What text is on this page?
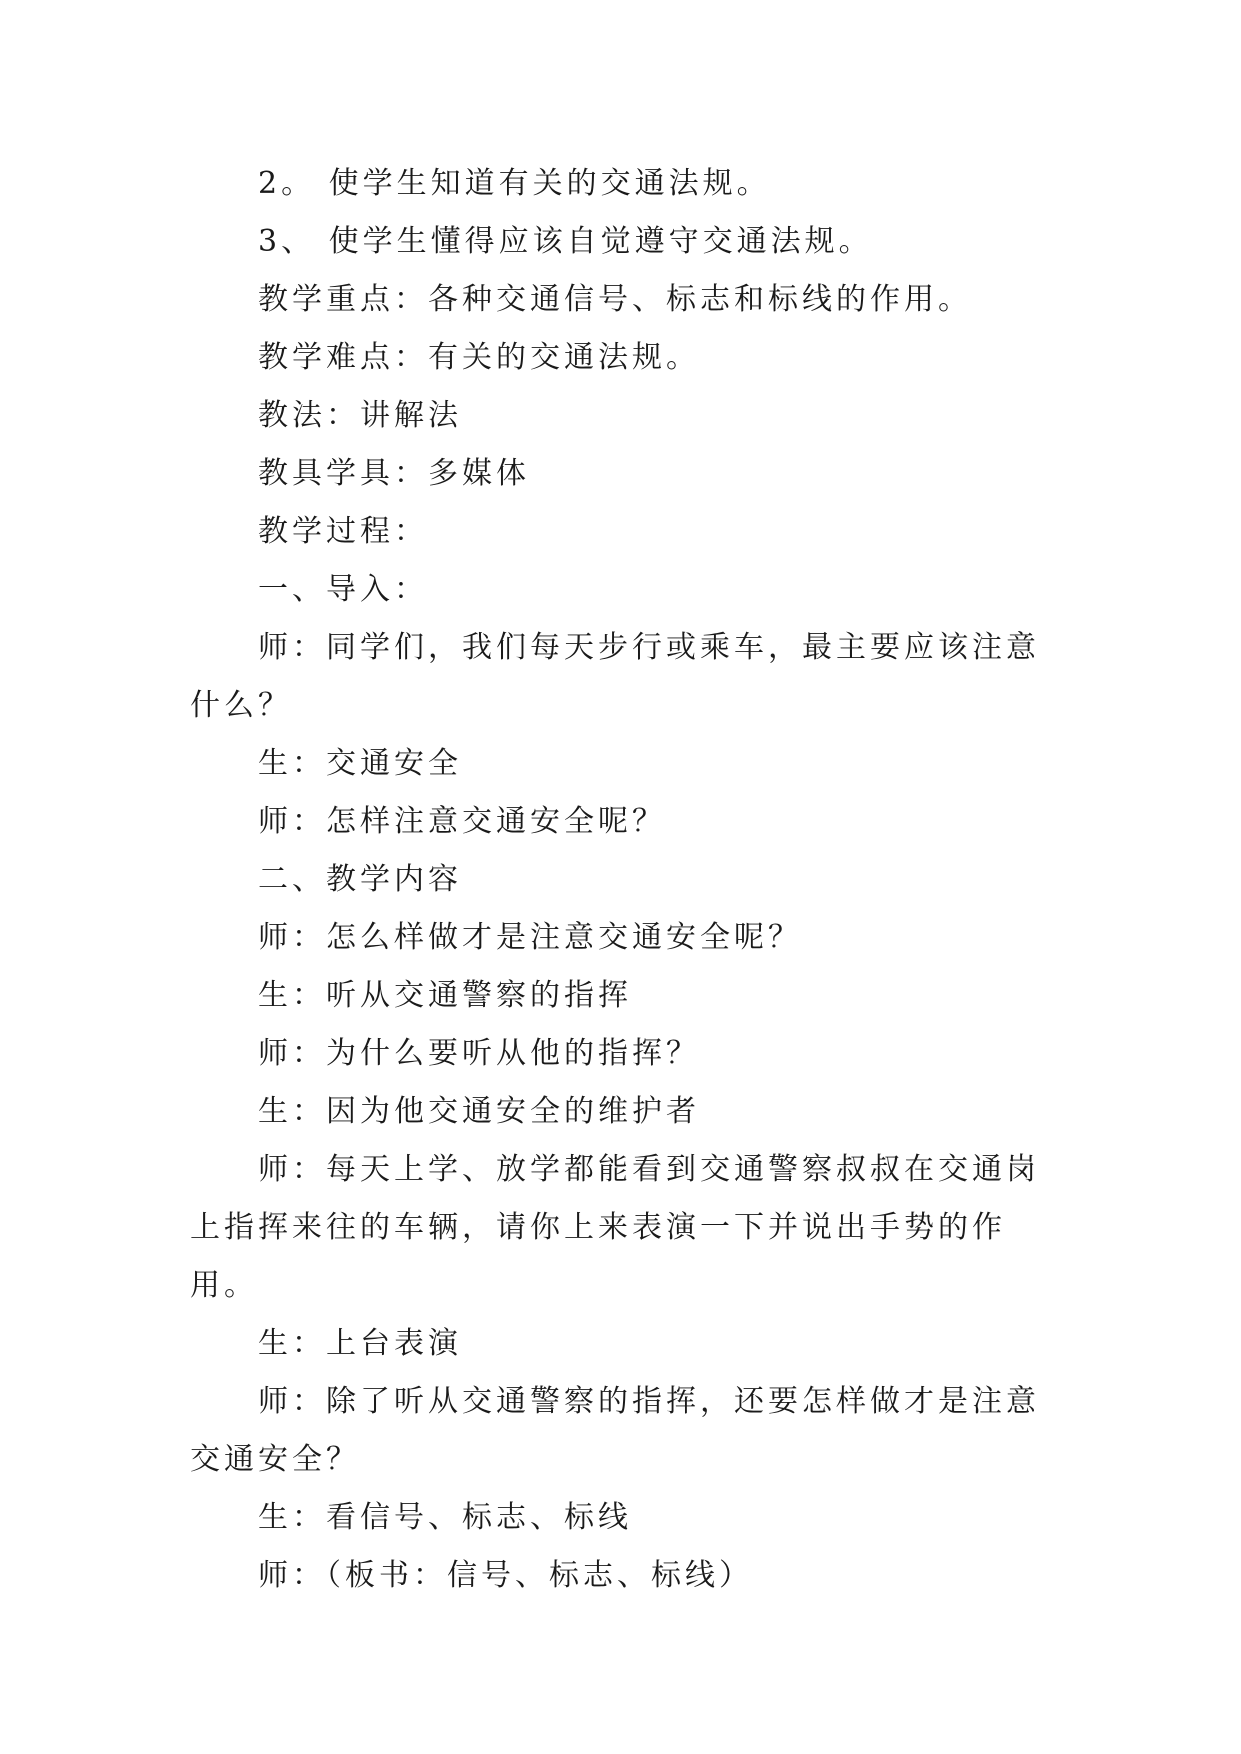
2。 使学生知道有关的交通法规。

3、 使学生懂得应该自觉遵守交通法规。

教学重点：各种交通信号、标志和标线的作用。

教学难点：有关的交通法规。

教法：讲解法

教具学具：多媒体

教学过程：

一、导入：

师：同学们，我们每天步行或乘车，最主要应该注意什么？

生：交通安全

师：怎样注意交通安全呢？

二、教学内容

师：怎么样做才是注意交通安全呢？

生：听从交通警察的指挥

师：为什么要听从他的指挥？

生：因为他交通安全的维护者

师：每天上学、放学都能看到交通警察叔叔在交通岗上指挥来往的车辆，请你上来表演一下并说出手势的作用。

生：上台表演

师：除了听从交通警察的指挥，还要怎样做才是注意交通安全？

生：看信号、标志、标线

师：（板书：信号、标志、标线）
